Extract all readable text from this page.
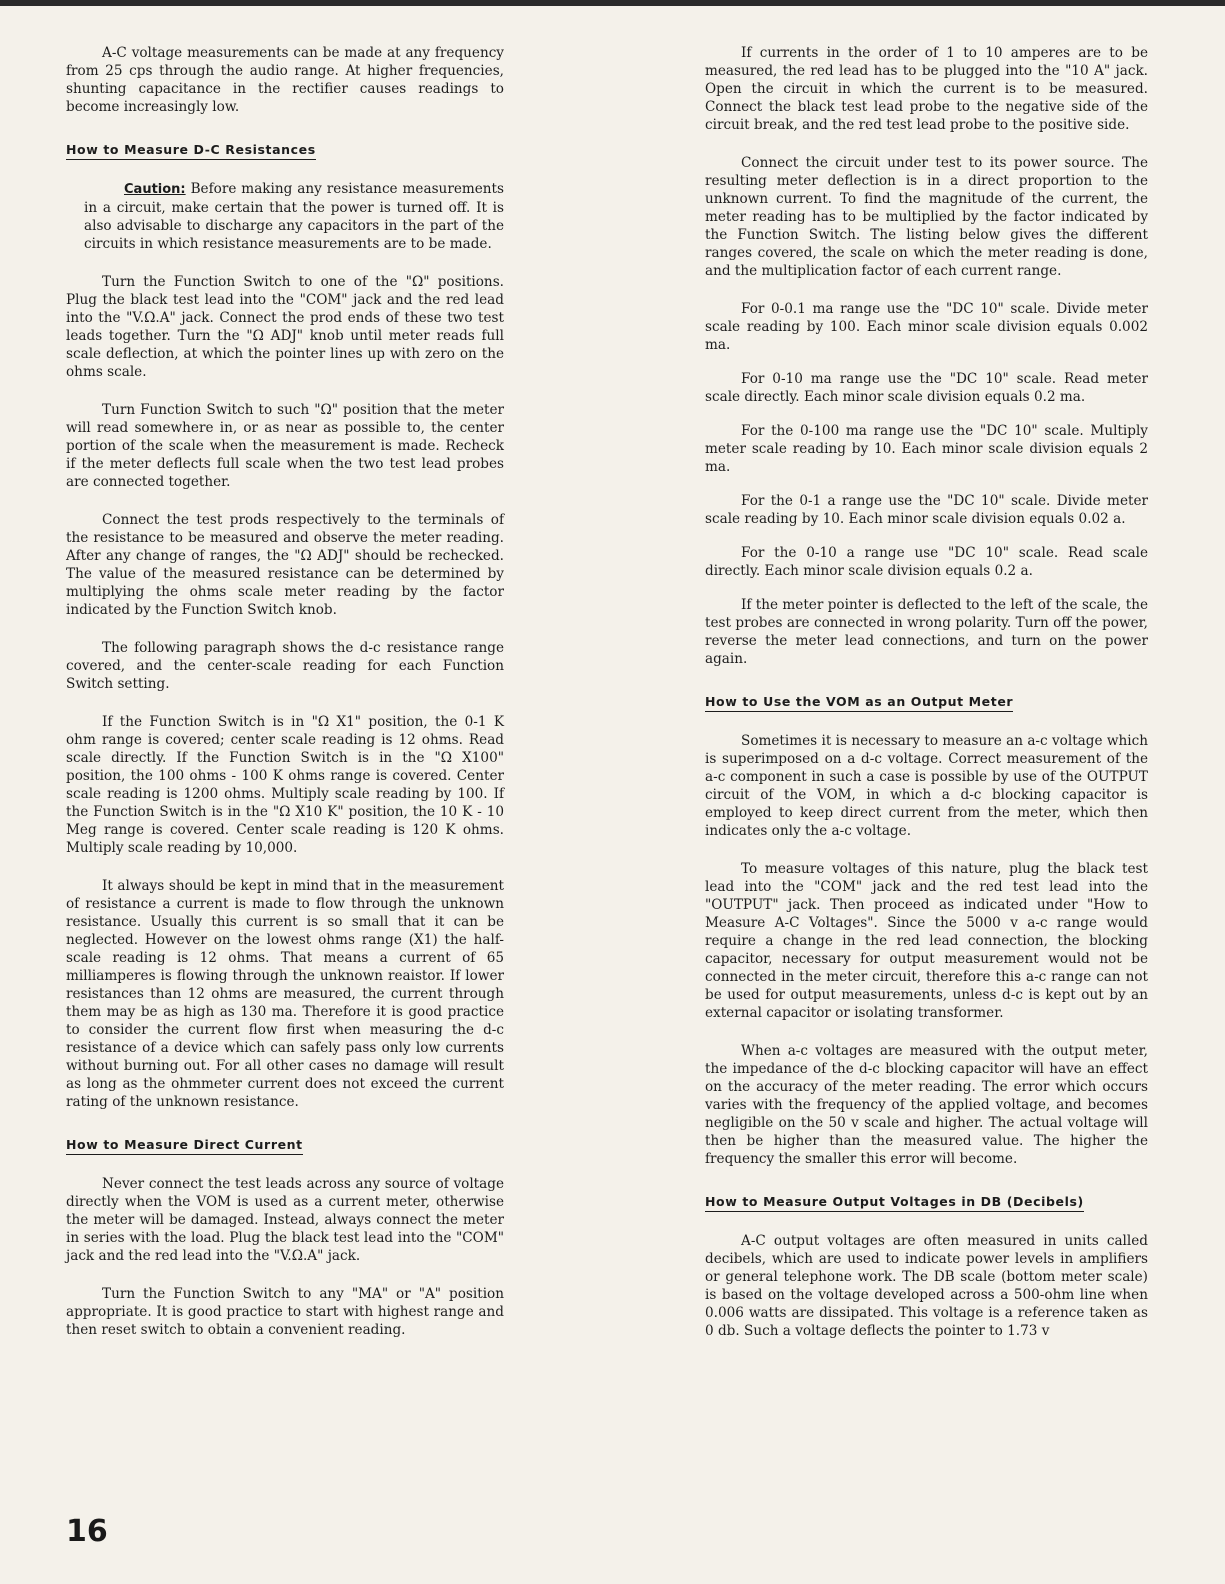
A-C voltage measurements can be made at any frequency from 25 cps through the audio range. At higher frequencies, shunting capacitance in the rectifier causes readings to become increasingly low.

How to Measure D-C Resistances

Caution: Before making any resistance measurements in a circuit, make certain that the power is turned off. It is also advisable to discharge any capacitors in the part of the circuits in which resistance measurements are to be made.

Turn the Function Switch to one of the "Ω" positions. Plug the black test lead into the "COM" jack and the red lead into the "V.Ω.A" jack. Connect the prod ends of these two test leads together. Turn the "Ω ADJ" knob until meter reads full scale deflection, at which the pointer lines up with zero on the ohms scale.

Turn Function Switch to such "Ω" position that the meter will read somewhere in, or as near as possible to, the center portion of the scale when the measurement is made. Recheck if the meter deflects full scale when the two test lead probes are connected together.

Connect the test prods respectively to the terminals of the resistance to be measured and observe the meter reading. After any change of ranges, the "Ω ADJ" should be rechecked. The value of the measured resistance can be determined by multiplying the ohms scale meter reading by the factor indicated by the Function Switch knob.

The following paragraph shows the d-c resistance range covered, and the center-scale reading for each Function Switch setting.

If the Function Switch is in "Ω X1" position, the 0-1 K ohm range is covered; center scale reading is 12 ohms. Read scale directly. If the Function Switch is in the "Ω X100" position, the 100 ohms - 100 K ohms range is covered. Center scale reading is 1200 ohms. Multiply scale reading by 100. If the Function Switch is in the "Ω X10 K" position, the 10 K - 10 Meg range is covered. Center scale reading is 120 K ohms. Multiply scale reading by 10,000.

It always should be kept in mind that in the measurement of resistance a current is made to flow through the unknown resistance. Usually this current is so small that it can be neglected. However on the lowest ohms range (X1) the half-scale reading is 12 ohms. That means a current of 65 milliamperes is flowing through the unknown reaistor. If lower resistances than 12 ohms are measured, the current through them may be as high as 130 ma. Therefore it is good practice to consider the current flow first when measuring the d-c resistance of a device which can safely pass only low currents without burning out. For all other cases no damage will result as long as the ohmmeter current does not exceed the current rating of the unknown resistance.

How to Measure Direct Current

Never connect the test leads across any source of voltage directly when the VOM is used as a current meter, otherwise the meter will be damaged. Instead, always connect the meter in series with the load. Plug the black test lead into the "COM" jack and the red lead into the "V.Ω.A" jack.

Turn the Function Switch to any "MA" or "A" position appropriate. It is good practice to start with highest range and then reset switch to obtain a convenient reading.

If currents in the order of 1 to 10 amperes are to be measured, the red lead has to be plugged into the "10 A" jack. Open the circuit in which the current is to be measured. Connect the black test lead probe to the negative side of the circuit break, and the red test lead probe to the positive side.

Connect the circuit under test to its power source. The resulting meter deflection is in a direct proportion to the unknown current. To find the magnitude of the current, the meter reading has to be multiplied by the factor indicated by the Function Switch. The listing below gives the different ranges covered, the scale on which the meter reading is done, and the multiplication factor of each current range.

For 0-0.1 ma range use the "DC 10" scale. Divide meter scale reading by 100. Each minor scale division equals 0.002 ma.

For 0-10 ma range use the "DC 10" scale. Read meter scale directly. Each minor scale division equals 0.2 ma.

For the 0-100 ma range use the "DC 10" scale. Multiply meter scale reading by 10. Each minor scale division equals 2 ma.

For the 0-1 a range use the "DC 10" scale. Divide meter scale reading by 10. Each minor scale division equals 0.02 a.

For the 0-10 a range use "DC 10" scale. Read scale directly. Each minor scale division equals 0.2 a.

If the meter pointer is deflected to the left of the scale, the test probes are connected in wrong polarity. Turn off the power, reverse the meter lead connections, and turn on the power again.

How to Use the VOM as an Output Meter

Sometimes it is necessary to measure an a-c voltage which is superimposed on a d-c voltage. Correct measurement of the a-c component in such a case is possible by use of the OUTPUT circuit of the VOM, in which a d-c blocking capacitor is employed to keep direct current from the meter, which then indicates only the a-c voltage.

To measure voltages of this nature, plug the black test lead into the "COM" jack and the red test lead into the "OUTPUT" jack. Then proceed as indicated under "How to Measure A-C Voltages". Since the 5000 v a-c range would require a change in the red lead connection, the blocking capacitor, necessary for output measurement would not be connected in the meter circuit, therefore this a-c range can not be used for output measurements, unless d-c is kept out by an external capacitor or isolating transformer.

When a-c voltages are measured with the output meter, the impedance of the d-c blocking capacitor will have an effect on the accuracy of the meter reading. The error which occurs varies with the frequency of the applied voltage, and becomes negligible on the 50 v scale and higher. The actual voltage will then be higher than the measured value. The higher the frequency the smaller this error will become.

How to Measure Output Voltages in DB (Decibels)

A-C output voltages are often measured in units called decibels, which are used to indicate power levels in amplifiers or general telephone work. The DB scale (bottom meter scale) is based on the voltage developed across a 500-ohm line when 0.006 watts are dissipated. This voltage is a reference taken as 0 db. Such a voltage deflects the pointer to 1.73 v

16
